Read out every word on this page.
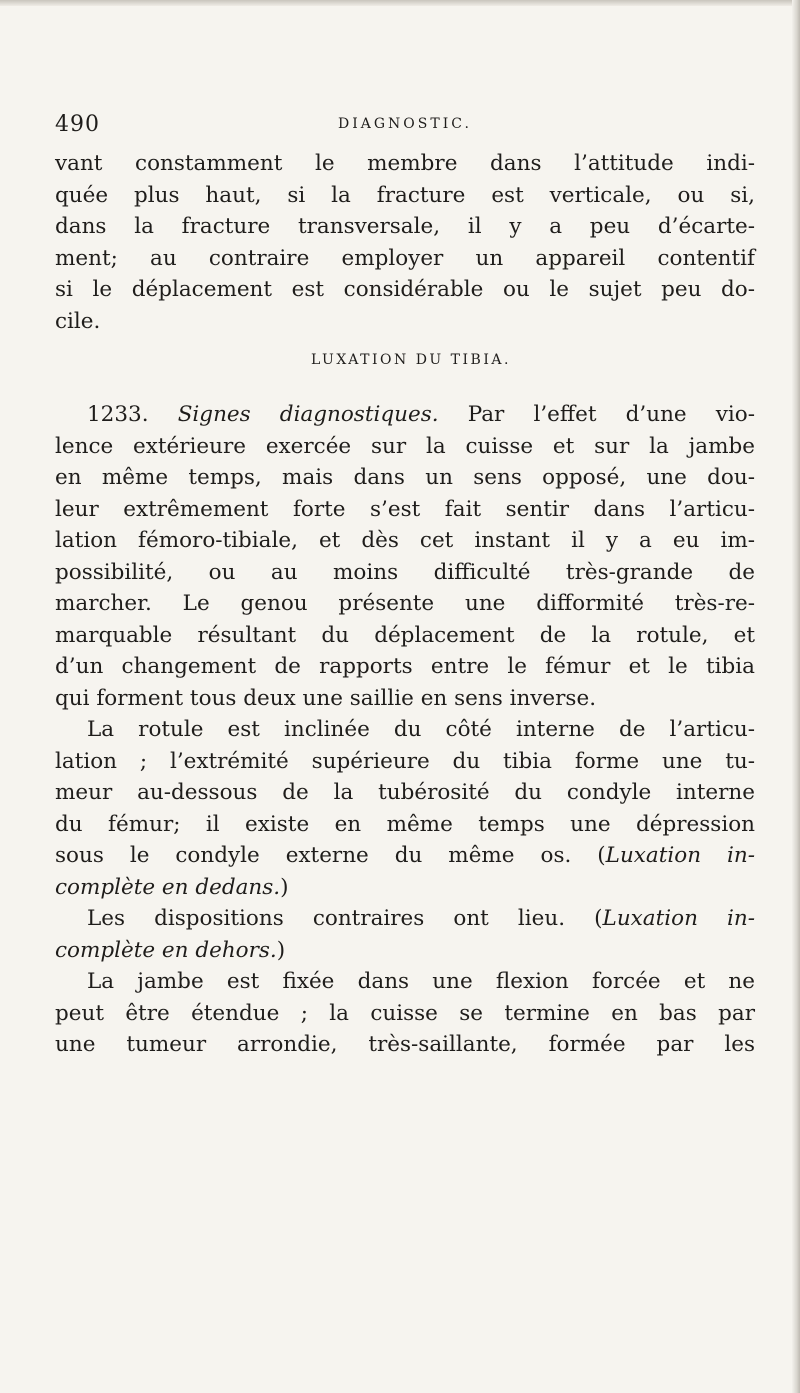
490	DIAGNOSTIC.
vant constamment le membre dans l’attitude indi-
quée plus haut, si la fracture est verticale, ou si,
dans la fracture transversale, il y a peu d’écarte-
ment; au contraire employer un appareil contentif
si le déplacement est considérable ou le sujet peu do-
cile.
LUXATION DU TIBIA.
1233. Signes diagnostiques. Par l’effet d’une vio-
lence extérieure exercée sur la cuisse et sur la jambe
en même temps, mais dans un sens opposé, une dou-
leur extrêmement forte s’est fait sentir dans l’articu-
lation fémoro-tibiale, et dès cet instant il y a eu im-
possibilité, ou au moins difficulté très-grande de
marcher. Le genou présente une difformité très-re-
marquable résultant du déplacement de la rotule, et
d’un changement de rapports entre le fémur et le tibia
qui forment tous deux une saillie en sens inverse.
La rotule est inclinée du côté interne de l’articu-
lation ; l’extrémité supérieure du tibia forme une tu-
meur au-dessous de la tubérosité du condyle interne
du fémur; il existe en même temps une dépression
sous le condyle externe du même os. (Luxation in-
complète en dedans.)
Les dispositions contraires ont lieu. (Luxation in-
complète en dehors.)
La jambe est fixée dans une flexion forcée et ne
peut être étendue ; la cuisse se termine en bas par
une tumeur arrondie, très-saillante, formée par les
